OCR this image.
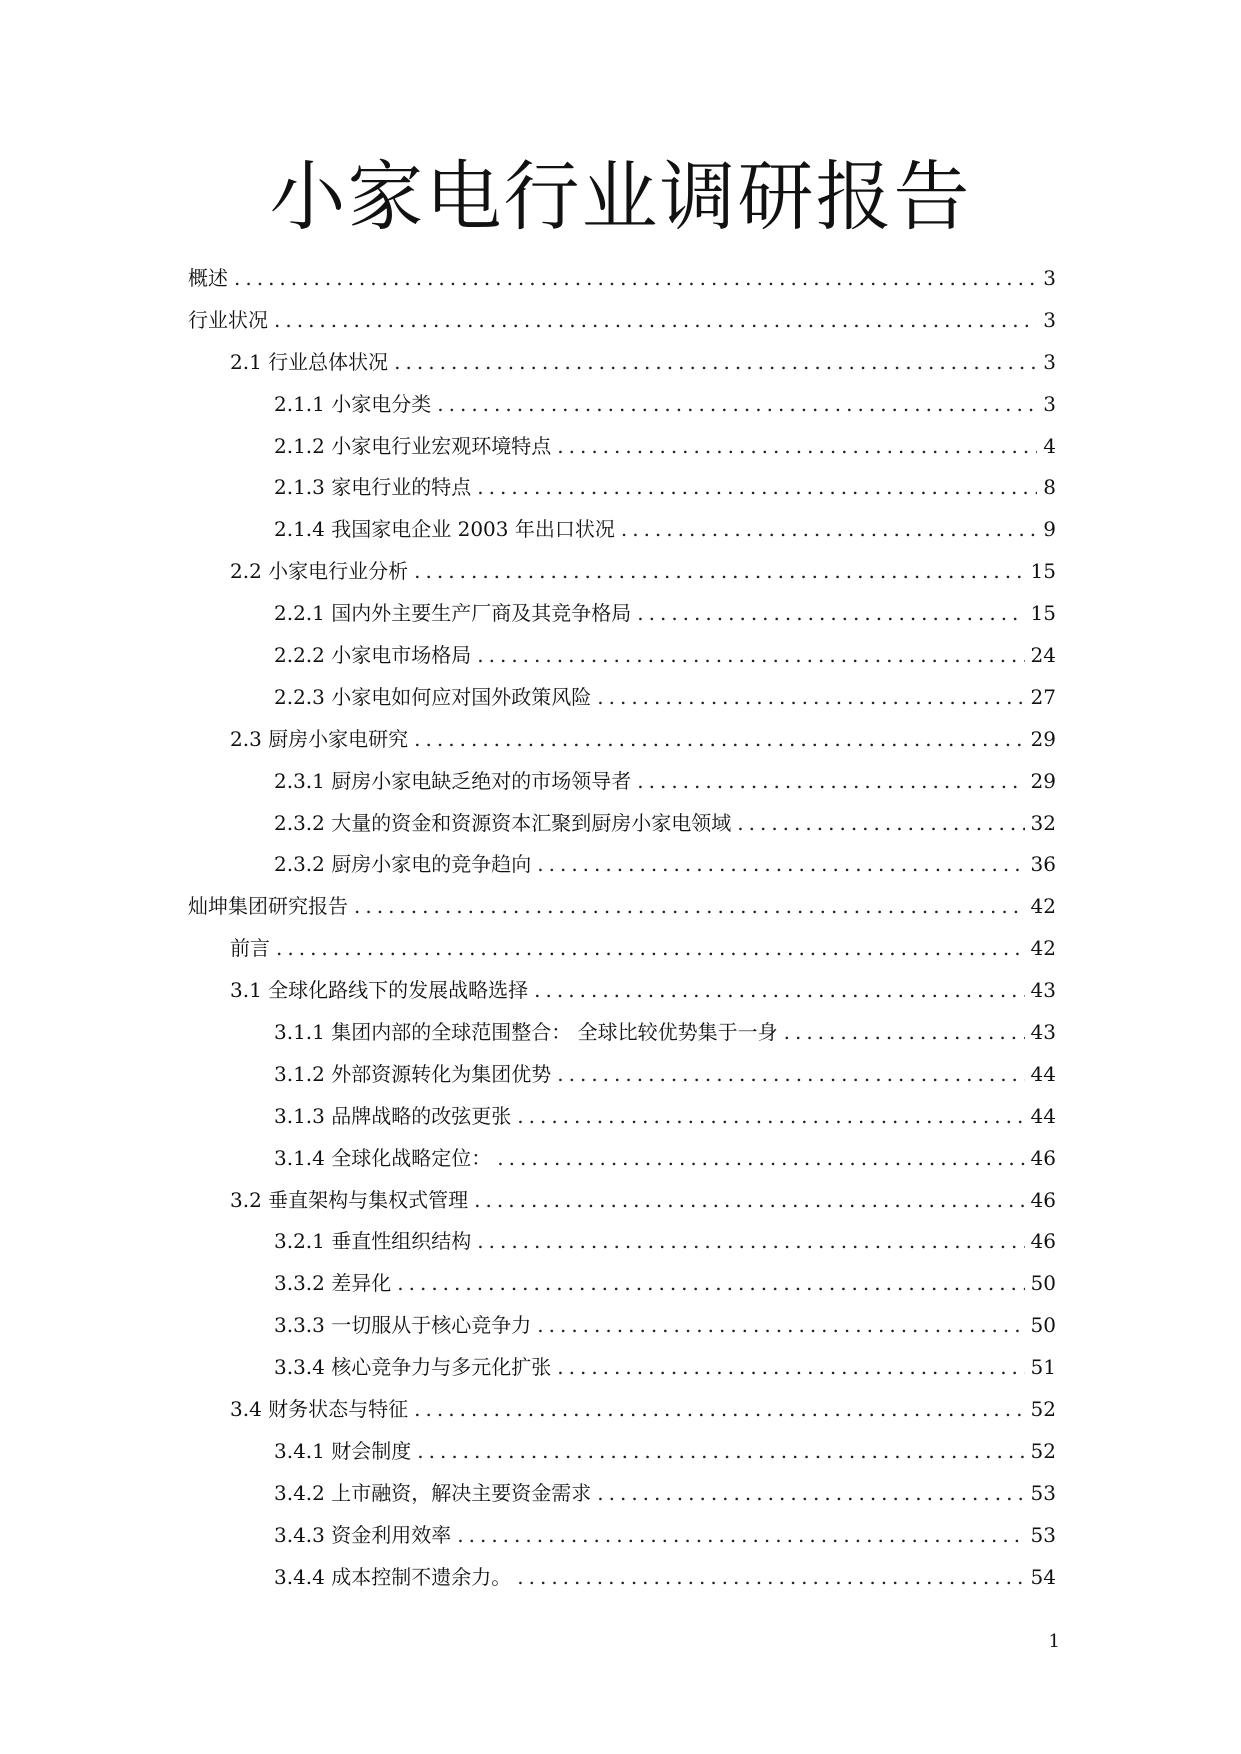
小家电行业调研报告
概述 .....	3
行业状况 .....	3
2.1 行业总体状况 .....	3
2.1.1 小家电分类 .....	3
2.1.2 小家电行业宏观环境特点 .....	4
2.1.3 家电行业的特点 .....	8
2.1.4 我国家电企业 2003 年出口状况 .....	9
2.2 小家电行业分析 .....	15
2.2.1 国内外主要生产厂商及其竞争格局 .....	15
2.2.2 小家电市场格局 .....	24
2.2.3 小家电如何应对国外政策风险 .....	27
2.3 厨房小家电研究 .....	29
2.3.1 厨房小家电缺乏绝对的市场领导者 .....	29
2.3.2 大量的资金和资源资本汇聚到厨房小家电领域 .....	32
2.3.2 厨房小家电的竞争趋向 .....	36
灿坤集团研究报告 .....	42
前言 .....	42
3.1 全球化路线下的发展战略选择 .....	43
3.1.1 集团内部的全球范围整合： 全球比较优势集于一身 .....	43
3.1.2 外部资源转化为集团优势 .....	44
3.1.3 品牌战略的改弦更张 .....	44
3.1.4 全球化战略定位： .....	46
3.2 垂直架构与集权式管理 .....	46
3.2.1 垂直性组织结构 .....	46
3.3.2 差异化 .....	50
3.3.3 一切服从于核心竞争力 .....	50
3.3.4 核心竞争力与多元化扩张 .....	51
3.4 财务状态与特征 .....	52
3.4.1 财会制度 .....	52
3.4.2 上市融资，解决主要资金需求 .....	53
3.4.3 资金利用效率 .....	53
3.4.4 成本控制不遗余力。 .....	54
1
